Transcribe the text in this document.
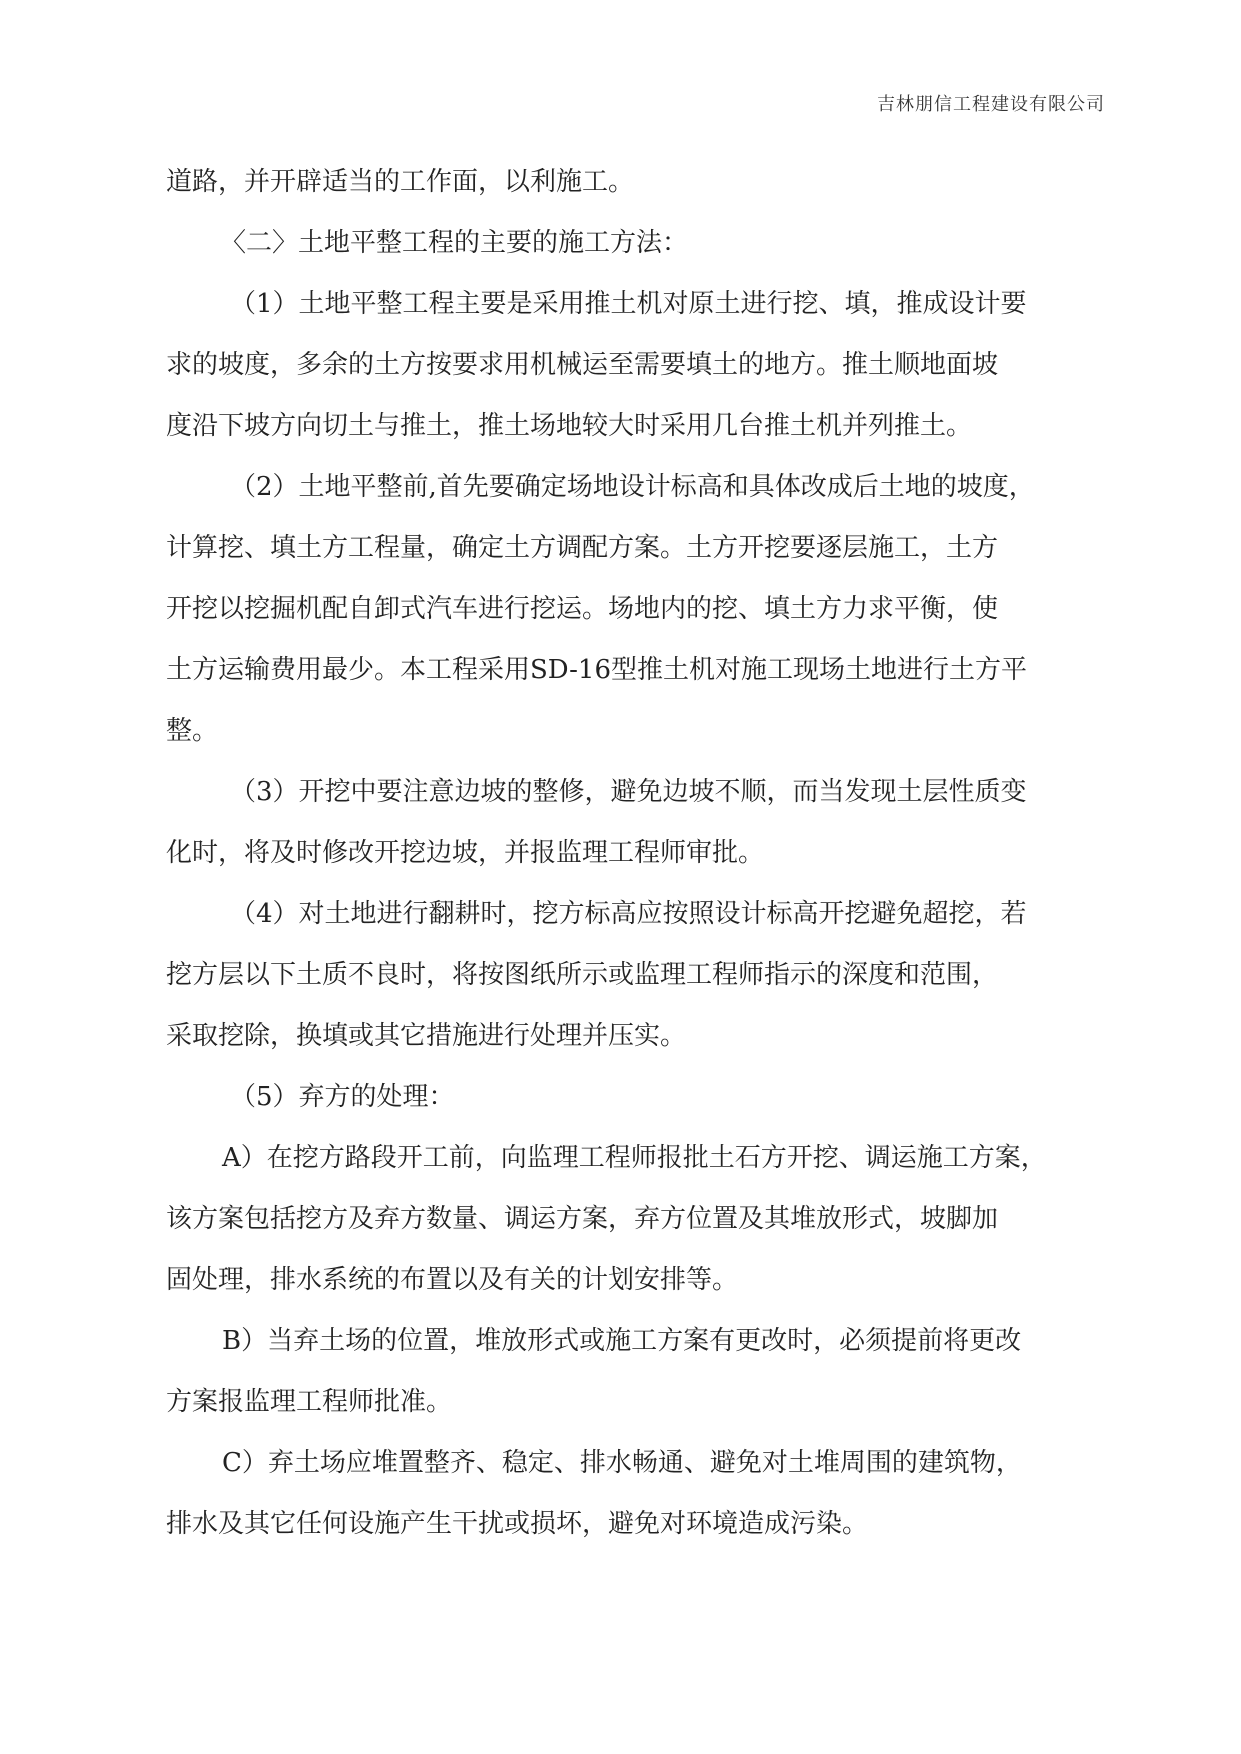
吉林朋信工程建设有限公司
道路，并开辟适当的工作面，以利施工。
〈二〉土地平整工程的主要的施工方法：
（1）土地平整工程主要是采用推土机对原土进行挖、填，推成设计要
求的坡度，多余的土方按要求用机械运至需要填土的地方。推土顺地面坡
度沿下坡方向切土与推土，推土场地较大时采用几台推土机并列推土。
（2）土地平整前,首先要确定场地设计标高和具体改成后土地的坡度，
计算挖、填土方工程量，确定土方调配方案。土方开挖要逐层施工，土方
开挖以挖掘机配自卸式汽车进行挖运。场地内的挖、填土方力求平衡，使
土方运输费用最少。本工程采用SD-16型推土机对施工现场土地进行土方平
整。
（3）开挖中要注意边坡的整修，避免边坡不顺，而当发现土层性质变
化时，将及时修改开挖边坡，并报监理工程师审批。
（4）对土地进行翻耕时，挖方标高应按照设计标高开挖避免超挖，若
挖方层以下土质不良时，将按图纸所示或监理工程师指示的深度和范围，
采取挖除，换填或其它措施进行处理并压实。
（5）弃方的处理：
A）在挖方路段开工前，向监理工程师报批土石方开挖、调运施工方案，
该方案包括挖方及弃方数量、调运方案，弃方位置及其堆放形式，坡脚加
固处理，排水系统的布置以及有关的计划安排等。
B）当弃土场的位置，堆放形式或施工方案有更改时，必须提前将更改
方案报监理工程师批准。
C）弃土场应堆置整齐、稳定、排水畅通、避免对土堆周围的建筑物，
排水及其它任何设施产生干扰或损坏，避免对环境造成污染。
